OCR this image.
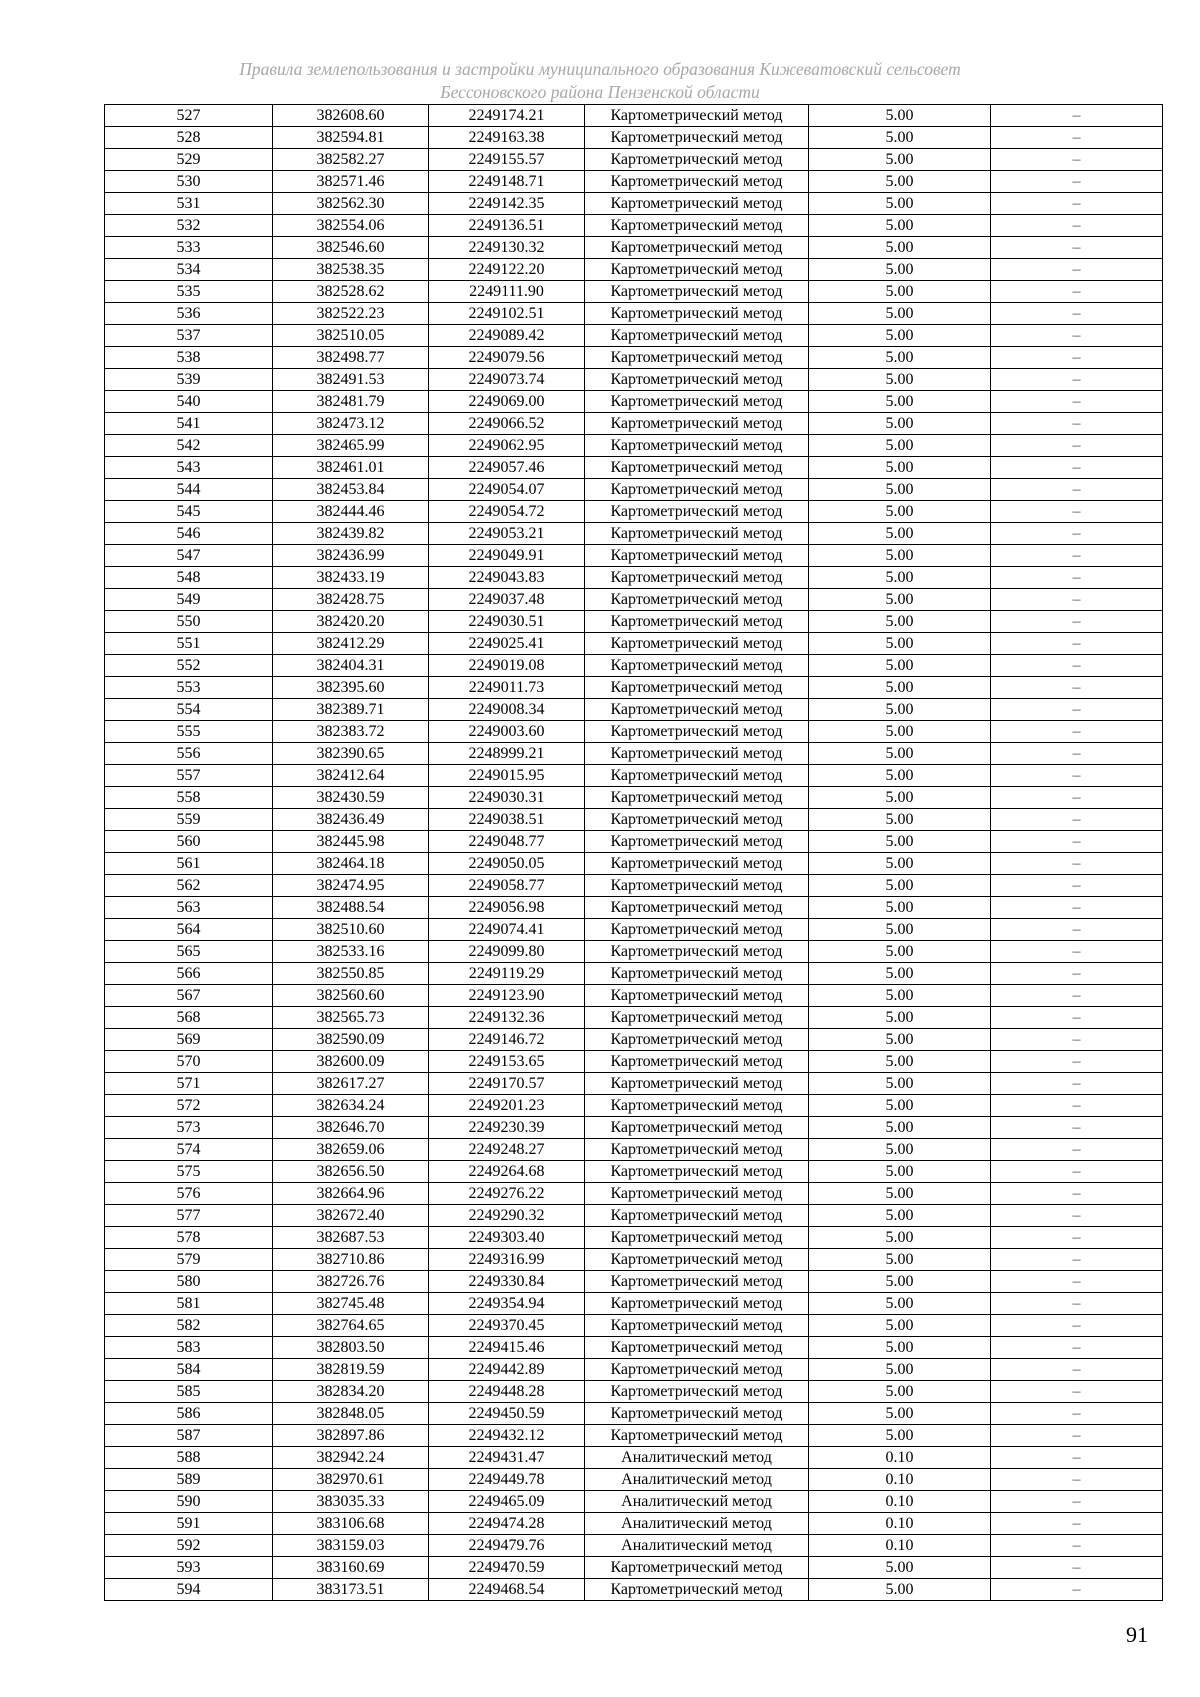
Правила землепользования и застройки муниципального образования Кижеватовский сельсовет
Бессоновского района Пензенской области
527	382608.60	2249174.21	Картометрический метод	5.00	–
528	382594.81	2249163.38	Картометрический метод	5.00	–
529	382582.27	2249155.57	Картометрический метод	5.00	–
530	382571.46	2249148.71	Картометрический метод	5.00	–
531	382562.30	2249142.35	Картометрический метод	5.00	–
532	382554.06	2249136.51	Картометрический метод	5.00	–
533	382546.60	2249130.32	Картометрический метод	5.00	–
534	382538.35	2249122.20	Картометрический метод	5.00	–
535	382528.62	2249111.90	Картометрический метод	5.00	–
536	382522.23	2249102.51	Картометрический метод	5.00	–
537	382510.05	2249089.42	Картометрический метод	5.00	–
538	382498.77	2249079.56	Картометрический метод	5.00	–
539	382491.53	2249073.74	Картометрический метод	5.00	–
540	382481.79	2249069.00	Картометрический метод	5.00	–
541	382473.12	2249066.52	Картометрический метод	5.00	–
542	382465.99	2249062.95	Картометрический метод	5.00	–
543	382461.01	2249057.46	Картометрический метод	5.00	–
544	382453.84	2249054.07	Картометрический метод	5.00	–
545	382444.46	2249054.72	Картометрический метод	5.00	–
546	382439.82	2249053.21	Картометрический метод	5.00	–
547	382436.99	2249049.91	Картометрический метод	5.00	–
548	382433.19	2249043.83	Картометрический метод	5.00	–
549	382428.75	2249037.48	Картометрический метод	5.00	–
550	382420.20	2249030.51	Картометрический метод	5.00	–
551	382412.29	2249025.41	Картометрический метод	5.00	–
552	382404.31	2249019.08	Картометрический метод	5.00	–
553	382395.60	2249011.73	Картометрический метод	5.00	–
554	382389.71	2249008.34	Картометрический метод	5.00	–
555	382383.72	2249003.60	Картометрический метод	5.00	–
556	382390.65	2248999.21	Картометрический метод	5.00	–
557	382412.64	2249015.95	Картометрический метод	5.00	–
558	382430.59	2249030.31	Картометрический метод	5.00	–
559	382436.49	2249038.51	Картометрический метод	5.00	–
560	382445.98	2249048.77	Картометрический метод	5.00	–
561	382464.18	2249050.05	Картометрический метод	5.00	–
562	382474.95	2249058.77	Картометрический метод	5.00	–
563	382488.54	2249056.98	Картометрический метод	5.00	–
564	382510.60	2249074.41	Картометрический метод	5.00	–
565	382533.16	2249099.80	Картометрический метод	5.00	–
566	382550.85	2249119.29	Картометрический метод	5.00	–
567	382560.60	2249123.90	Картометрический метод	5.00	–
568	382565.73	2249132.36	Картометрический метод	5.00	–
569	382590.09	2249146.72	Картометрический метод	5.00	–
570	382600.09	2249153.65	Картометрический метод	5.00	–
571	382617.27	2249170.57	Картометрический метод	5.00	–
572	382634.24	2249201.23	Картометрический метод	5.00	–
573	382646.70	2249230.39	Картометрический метод	5.00	–
574	382659.06	2249248.27	Картометрический метод	5.00	–
575	382656.50	2249264.68	Картометрический метод	5.00	–
576	382664.96	2249276.22	Картометрический метод	5.00	–
577	382672.40	2249290.32	Картометрический метод	5.00	–
578	382687.53	2249303.40	Картометрический метод	5.00	–
579	382710.86	2249316.99	Картометрический метод	5.00	–
580	382726.76	2249330.84	Картометрический метод	5.00	–
581	382745.48	2249354.94	Картометрический метод	5.00	–
582	382764.65	2249370.45	Картометрический метод	5.00	–
583	382803.50	2249415.46	Картометрический метод	5.00	–
584	382819.59	2249442.89	Картометрический метод	5.00	–
585	382834.20	2249448.28	Картометрический метод	5.00	–
586	382848.05	2249450.59	Картометрический метод	5.00	–
587	382897.86	2249432.12	Картометрический метод	5.00	–
588	382942.24	2249431.47	Аналитический метод	0.10	–
589	382970.61	2249449.78	Аналитический метод	0.10	–
590	383035.33	2249465.09	Аналитический метод	0.10	–
591	383106.68	2249474.28	Аналитический метод	0.10	–
592	383159.03	2249479.76	Аналитический метод	0.10	–
593	383160.69	2249470.59	Картометрический метод	5.00	–
594	383173.51	2249468.54	Картометрический метод	5.00	–
91
